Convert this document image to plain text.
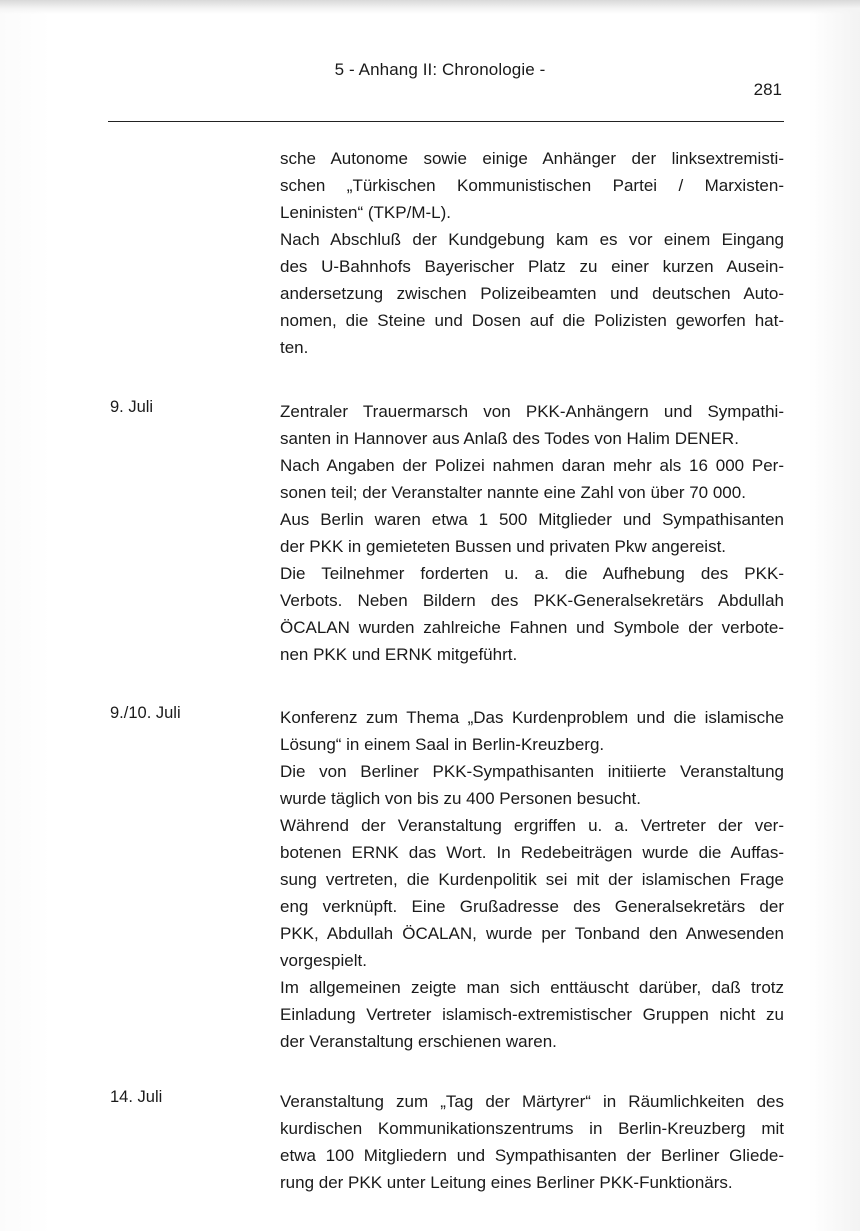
5 - Anhang II: Chronologie -
281
sche Autonome sowie einige Anhänger der linksextremisti-
schen „Türkischen Kommunistischen Partei / Marxisten-
Leninisten“ (TKP/M-L).
Nach Abschluß der Kundgebung kam es vor einem Eingang
des U-Bahnhofs Bayerischer Platz zu einer kurzen Ausein-
andersetzung zwischen Polizeibeamten und deutschen Auto-
nomen, die Steine und Dosen auf die Polizisten geworfen hat-
ten.
9. Juli	Zentraler Trauermarsch von PKK-Anhängern und Sympathi-
santen in Hannover aus Anlaß des Todes von Halim DENER.
Nach Angaben der Polizei nahmen daran mehr als 16 000 Per-
sonen teil; der Veranstalter nannte eine Zahl von über 70 000.
Aus Berlin waren etwa 1 500 Mitglieder und Sympathisanten
der PKK in gemieteten Bussen und privaten Pkw angereist.
Die Teilnehmer forderten u. a. die Aufhebung des PKK-
Verbots. Neben Bildern des PKK-Generalsekretärs Abdullah
ÖCALAN wurden zahlreiche Fahnen und Symbole der verbote-
nen PKK und ERNK mitgeführt.
9./10. Juli	Konferenz zum Thema „Das Kurdenproblem und die islamische
Lösung“ in einem Saal in Berlin-Kreuzberg.
Die von Berliner PKK-Sympathisanten initiierte Veranstaltung
wurde täglich von bis zu 400 Personen besucht.
Während der Veranstaltung ergriffen u. a. Vertreter der ver-
botenen ERNK das Wort. In Redebeiträgen wurde die Auffas-
sung vertreten, die Kurdenpolitik sei mit der islamischen Frage
eng verknüpft. Eine Grußadresse des Generalsekretärs der
PKK, Abdullah ÖCALAN, wurde per Tonband den Anwesenden
vorgespielt.
Im allgemeinen zeigte man sich enttäuscht darüber, daß trotz
Einladung Vertreter islamisch-extremistischer Gruppen nicht zu
der Veranstaltung erschienen waren.
14. Juli	Veranstaltung zum „Tag der Märtyrer“ in Räumlichkeiten des
kurdischen Kommunikationszentrums in Berlin-Kreuzberg mit
etwa 100 Mitgliedern und Sympathisanten der Berliner Gliede-
rung der PKK unter Leitung eines Berliner PKK-Funktionärs.
